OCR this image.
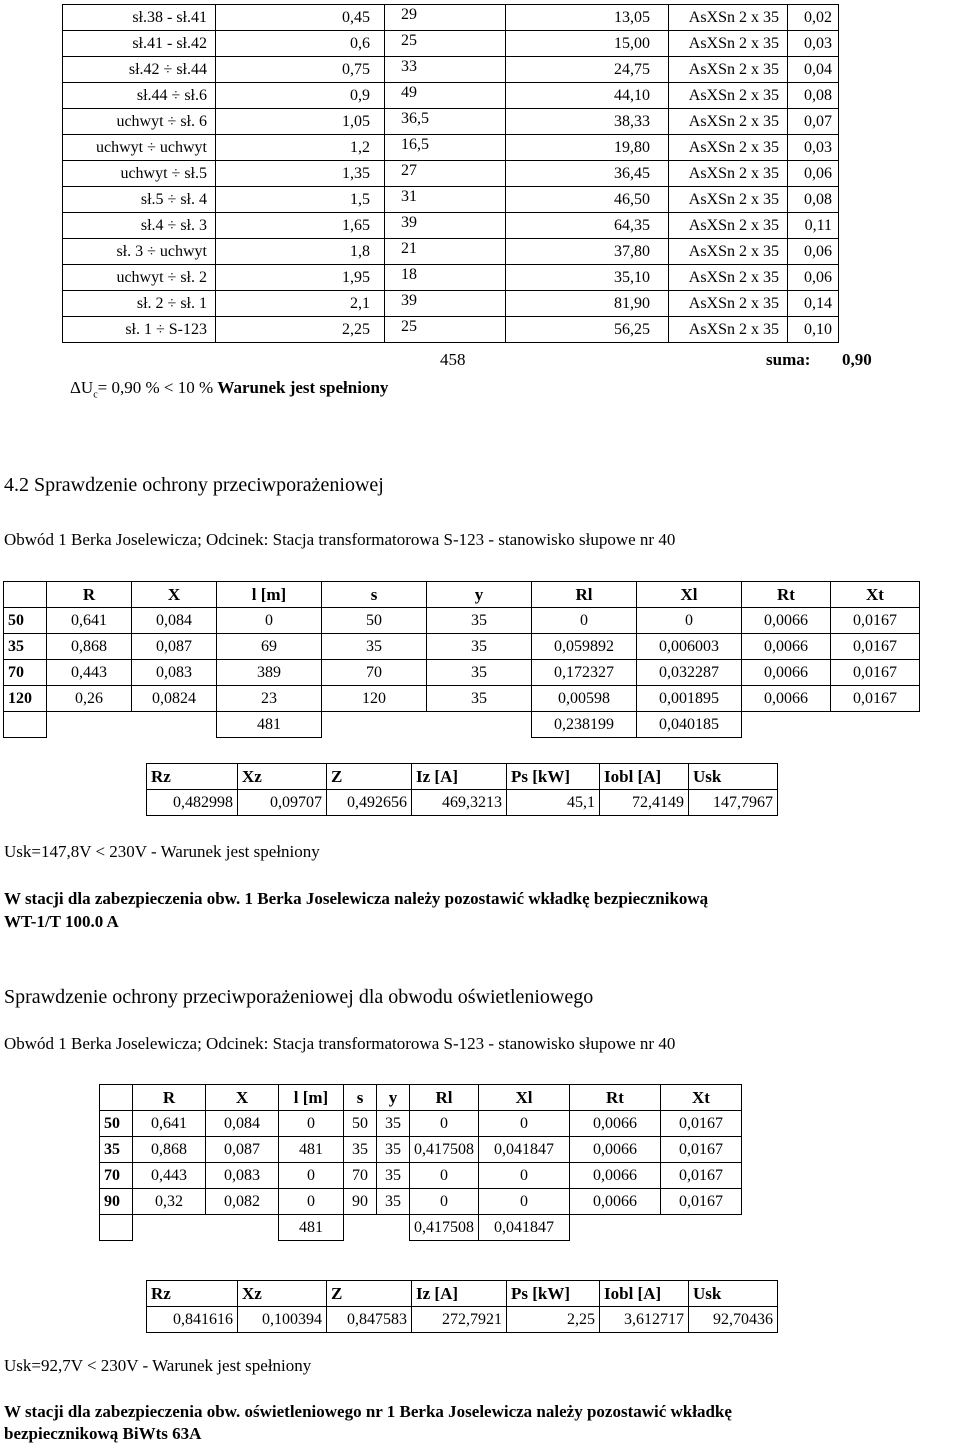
sł.38 - sł.41	0,45	29	13,05	AsXSn 2 x 35	0,02
sł.41 - sł.42	0,6	25	15,00	AsXSn 2 x 35	0,03
sł.42 ÷ sł.44	0,75	33	24,75	AsXSn 2 x 35	0,04
sł.44 ÷ sł.6	0,9	49	44,10	AsXSn 2 x 35	0,08
uchwyt ÷ sł. 6	1,05	36,5	38,33	AsXSn 2 x 35	0,07
uchwyt ÷ uchwyt	1,2	16,5	19,80	AsXSn 2 x 35	0,03
uchwyt ÷ sł.5	1,35	27	36,45	AsXSn 2 x 35	0,06
sł.5 ÷ sł. 4	1,5	31	46,50	AsXSn 2 x 35	0,08
sł.4 ÷ sł. 3	1,65	39	64,35	AsXSn 2 x 35	0,11
sł. 3 ÷ uchwyt	1,8	21	37,80	AsXSn 2 x 35	0,06
uchwyt ÷ sł. 2	1,95	18	35,10	AsXSn 2 x 35	0,06
sł. 2 ÷ sł. 1	2,1	39	81,90	AsXSn 2 x 35	0,14
sł. 1 ÷ S-123	2,25	25	56,25	AsXSn 2 x 35	0,10
458	suma: 0,90
$\Delta U_c= 0,90$ % < 10 % Warunek jest spełniony
4.2 Sprawdzenie ochrony przeciwporażeniowej
Obwód 1 Berka Joselewicza; Odcinek: Stacja transformatorowa S-123 - stanowisko słupowe nr 40
	R	X	l [m]	s	y	Rl	Xl	Rt	Xt
50	0,641	0,084	0	50	35	0	0	0,0066	0,0167
35	0,868	0,087	69	35	35	0,059892	0,006003	0,0066	0,0167
70	0,443	0,083	389	70	35	0,172327	0,032287	0,0066	0,0167
120	0,26	0,0824	23	120	35	0,00598	0,001895	0,0066	0,0167
			481			0,238199	0,040185		
Rz	Xz	Z	Iz [A]	Ps [kW]	Iobl [A]	Usk
0,482998	0,09707	0,492656	469,3213	45,1	72,4149	147,7967
Usk=147,8V < 230V - Warunek jest spełniony
W stacji dla zabezpieczenia obw. 1 Berka Joselewicza należy pozostawić wkładkę bezpiecznikową
WT-1/T 100.0 A
Sprawdzenie ochrony przeciwporażeniowej dla obwodu oświetleniowego
Obwód 1 Berka Joselewicza; Odcinek: Stacja transformatorowa S-123 - stanowisko słupowe nr 40
	R	X	l [m]	s	y	Rl	Xl	Rt	Xt
50	0,641	0,084	0	50	35	0	0	0,0066	0,0167
35	0,868	0,087	481	35	35	0,417508	0,041847	0,0066	0,0167
70	0,443	0,083	0	70	35	0	0	0,0066	0,0167
90	0,32	0,082	0	90	35	0	0	0,0066	0,0167
			481			0,417508	0,041847		
Rz	Xz	Z	Iz [A]	Ps [kW]	Iobl [A]	Usk
0,841616	0,100394	0,847583	272,7921	2,25	3,612717	92,70436
Usk=92,7V < 230V - Warunek jest spełniony
W stacji dla zabezpieczenia obw. oświetleniowego nr 1 Berka Joselewicza należy pozostawić wkładkę
bezpiecznikową BiWts 63A
